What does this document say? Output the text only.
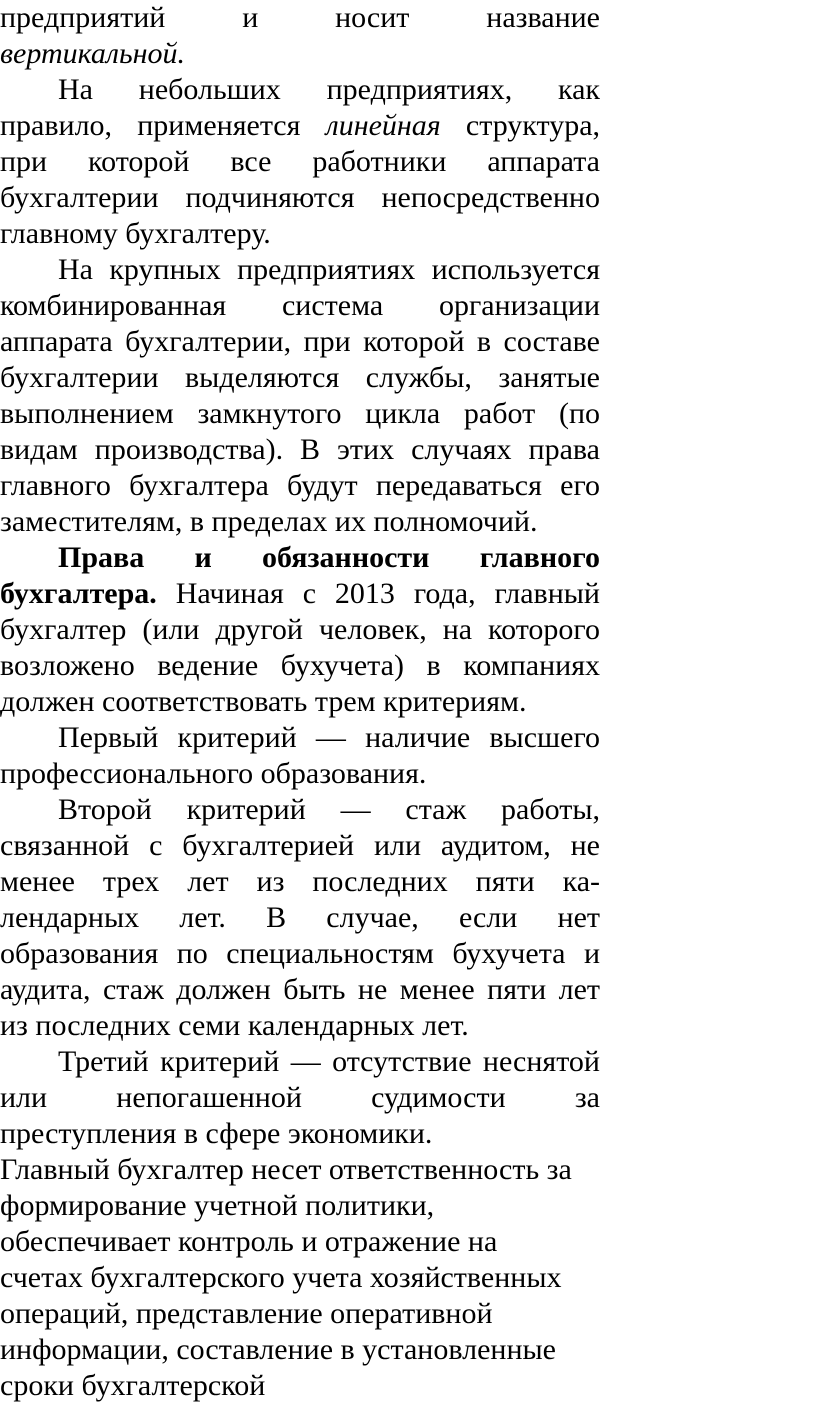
предприятий и носит название
вертикальной.
На небольших предприятиях, как
правило, применяется линейная структура,
при которой все работники аппарата
бухгалтерии подчиняются непосредственно
главному бухгалтеру.
На крупных предприятиях используется
комбинированная система организации
аппарата бухгалтерии, при которой в составе
бухгалтерии выделяются службы, занятые
выполнением замкнутого цикла работ (по
видам производства). В этих случаях права
главного бухгалтера будут передаваться его
заместителям, в пределах их полномочий.
Права и обязанности главного
бухгалтера. Начиная с 2013 года, главный
бухгалтер (или другой человек, на которого
возложено ведение бухучета) в компаниях
должен соответствовать трем критериям.
Первый критерий — наличие высшего
профессионального образования.
Второй критерий — стаж работы,
связанной с бухгалтерией или аудитом, не
менее трех лет из последних пяти ка-
лендарных лет. В случае, если нет
образования по специальностям бухучета и
аудита, стаж должен быть не менее пяти лет
из последних семи календарных лет.
Третий критерий — отсутствие неснятой
или непогашенной судимости за
преступления в сфере экономики.
Главный бухгалтер несет ответственность за
формирование учетной политики,
обеспечивает контроль и отражение на
счетах бухгалтерского учета хозяйственных
операций, представление оперативной
информации, составление в установленные
сроки бухгалтерской
